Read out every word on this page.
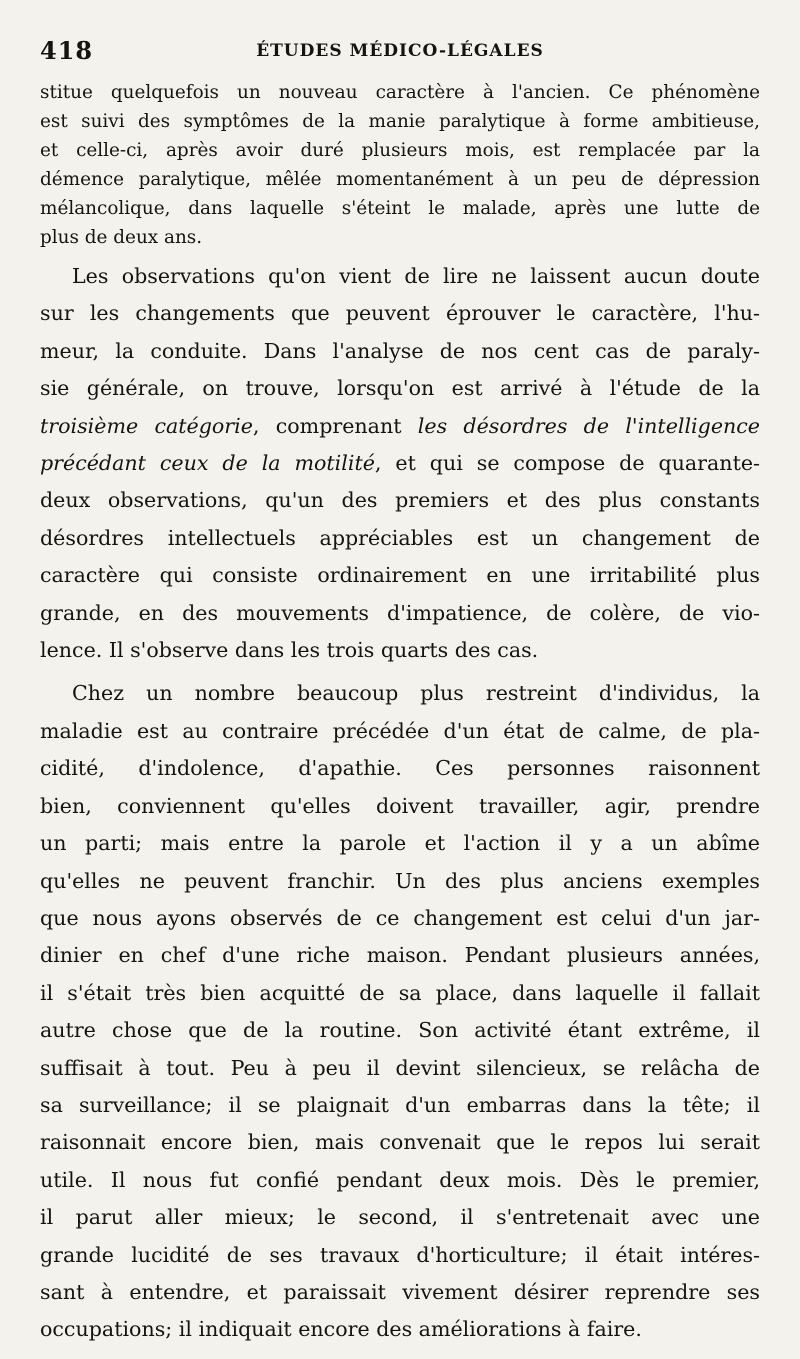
418	ÉTUDES MÉDICO-LÉGALES
stitue quelquefois un nouveau caractère à l'ancien. Ce phénomène
est suivi des symptômes de la manie paralytique à forme ambitieuse,
et celle-ci, après avoir duré plusieurs mois, est remplacée par la
démence paralytique, mêlée momentanément à un peu de dépression
mélancolique, dans laquelle s'éteint le malade, après une lutte de
plus de deux ans.
Les observations qu'on vient de lire ne laissent aucun doute
sur les changements que peuvent éprouver le caractère, l'hu-
meur, la conduite. Dans l'analyse de nos cent cas de paraly-
sie générale, on trouve, lorsqu'on est arrivé à l'étude de la
troisième catégorie, comprenant les désordres de l'intelligence
précédant ceux de la motilité, et qui se compose de quarante-
deux observations, qu'un des premiers et des plus constants
désordres intellectuels appréciables est un changement de
caractère qui consiste ordinairement en une irritabilité plus
grande, en des mouvements d'impatience, de colère, de vio-
lence. Il s'observe dans les trois quarts des cas.
Chez un nombre beaucoup plus restreint d'individus, la
maladie est au contraire précédée d'un état de calme, de pla-
cidité, d'indolence, d'apathie. Ces personnes raisonnent
bien, conviennent qu'elles doivent travailler, agir, prendre
un parti; mais entre la parole et l'action il y a un abîme
qu'elles ne peuvent franchir. Un des plus anciens exemples
que nous ayons observés de ce changement est celui d'un jar-
dinier en chef d'une riche maison. Pendant plusieurs années,
il s'était très bien acquitté de sa place, dans laquelle il fallait
autre chose que de la routine. Son activité étant extrême, il
suffisait à tout. Peu à peu il devint silencieux, se relâcha de
sa surveillance; il se plaignait d'un embarras dans la tête; il
raisonnait encore bien, mais convenait que le repos lui serait
utile. Il nous fut confié pendant deux mois. Dès le premier,
il parut aller mieux; le second, il s'entretenait avec une
grande lucidité de ses travaux d'horticulture; il était intéres-
sant à entendre, et paraissait vivement désirer reprendre ses
occupations; il indiquait encore des améliorations à faire.
